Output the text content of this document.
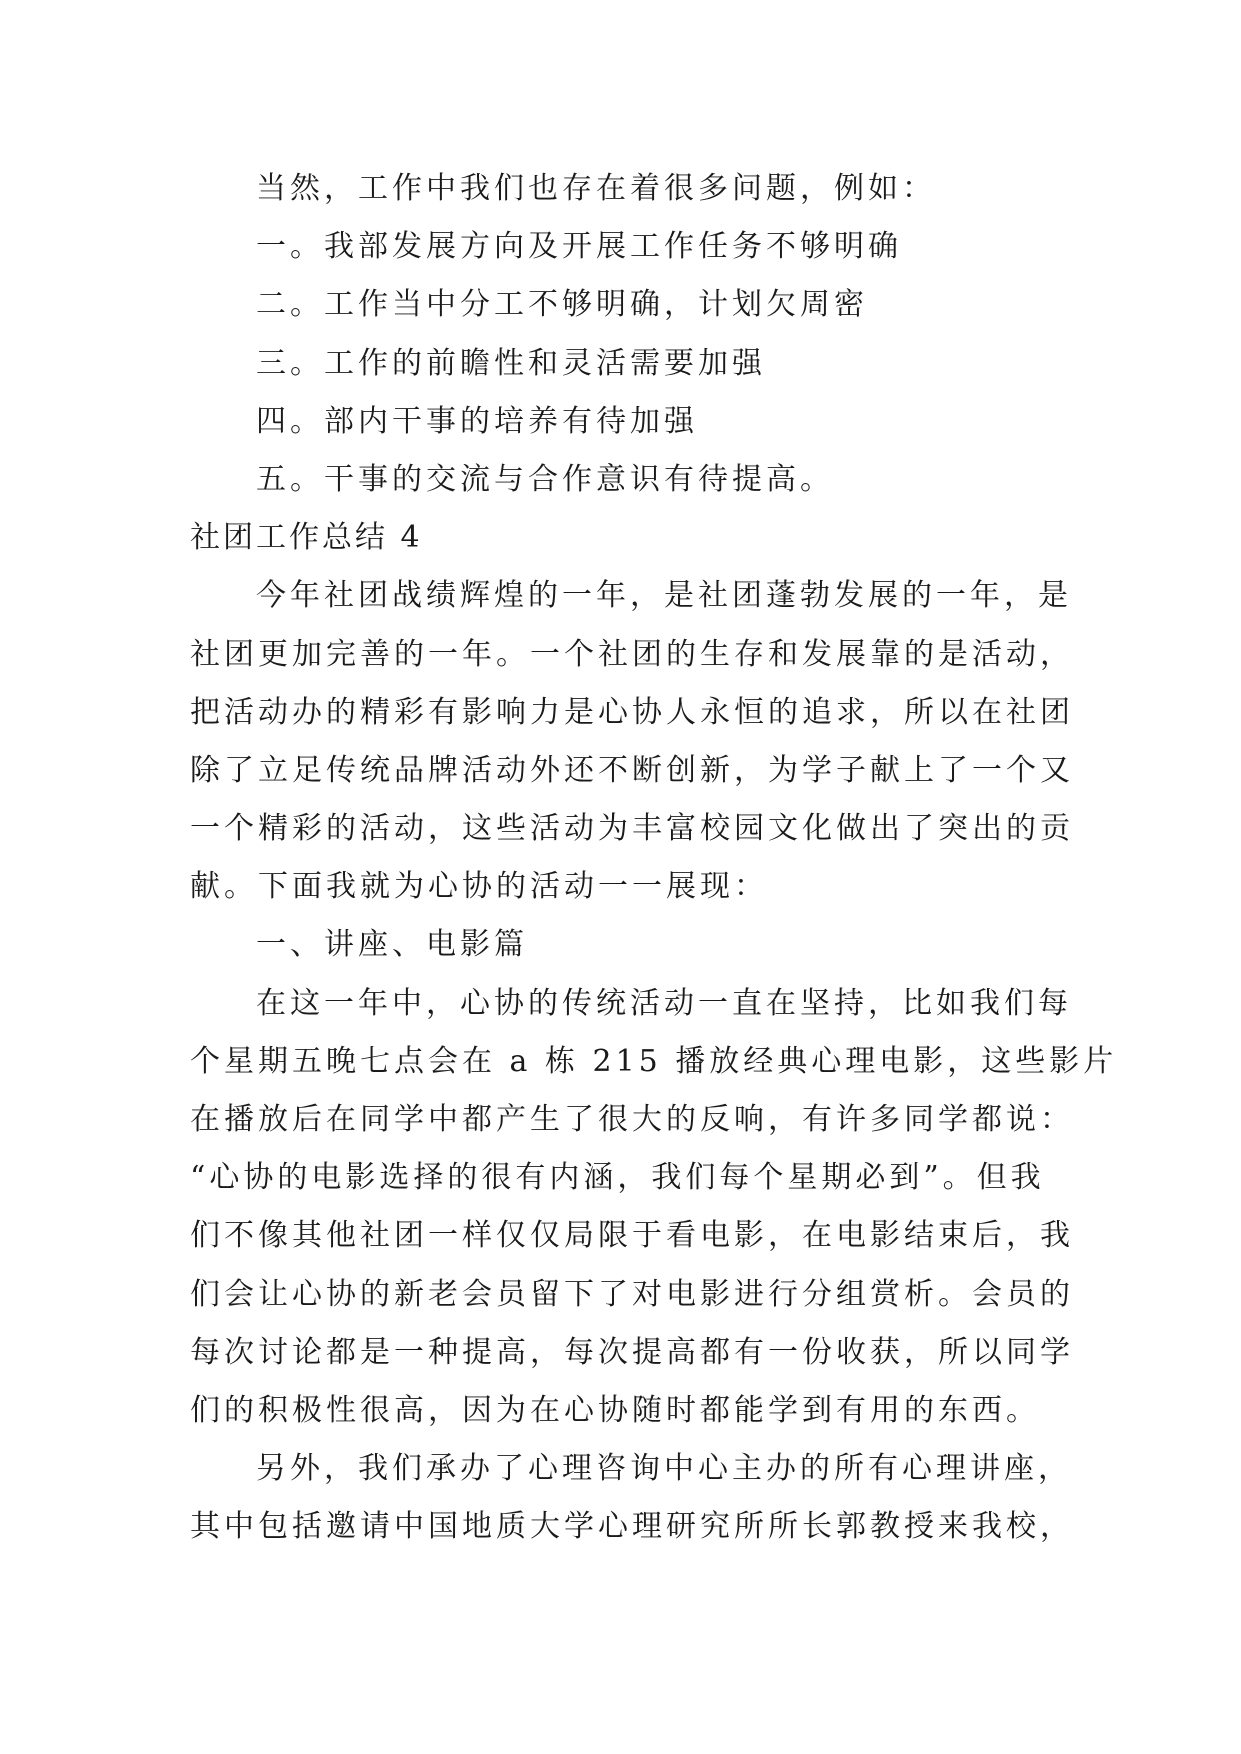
当然，工作中我们也存在着很多问题，例如：
一。我部发展方向及开展工作任务不够明确
二。工作当中分工不够明确，计划欠周密
三。工作的前瞻性和灵活需要加强
四。部内干事的培养有待加强
五。干事的交流与合作意识有待提高。
社团工作总结 4
今年社团战绩辉煌的一年，是社团蓬勃发展的一年，是
社团更加完善的一年。一个社团的生存和发展靠的是活动，
把活动办的精彩有影响力是心协人永恒的追求，所以在社团
除了立足传统品牌活动外还不断创新，为学子献上了一个又
一个精彩的活动，这些活动为丰富校园文化做出了突出的贡
献。下面我就为心协的活动一一展现：
一、讲座、电影篇
在这一年中，心协的传统活动一直在坚持，比如我们每
个星期五晚七点会在 a 栋 215 播放经典心理电影，这些影片
在播放后在同学中都产生了很大的反响，有许多同学都说：
“心协的电影选择的很有内涵，我们每个星期必到”。但我
们不像其他社团一样仅仅局限于看电影，在电影结束后，我
们会让心协的新老会员留下了对电影进行分组赏析。会员的
每次讨论都是一种提高，每次提高都有一份收获，所以同学
们的积极性很高，因为在心协随时都能学到有用的东西。
另外，我们承办了心理咨询中心主办的所有心理讲座，
其中包括邀请中国地质大学心理研究所所长郭教授来我校，
